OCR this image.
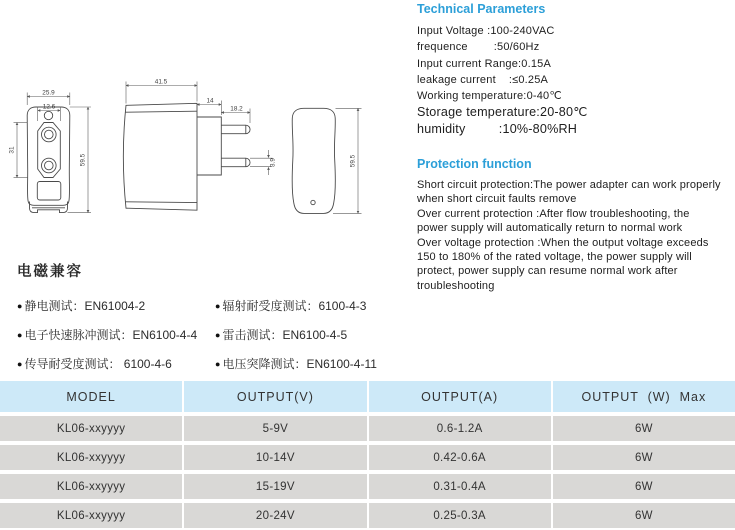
25.9
12.6
31
59.5
41.5
14
18.2
3.9	59.5
Technical Parameters
Input Voltage :100-240VAC
frequence        :50/60Hz
Input current Range:0.15A
leakage current    :≤0.25A
Working temperature:0-40℃
Storage temperature:20-80℃
humidity         :10%-80%RH
Protection function
Short circuit protection:The power adapter can work properly
when short circuit faults remove
Over current protection :After flow troubleshooting, the
power supply will automatically return to normal work
Over voltage protection :When the output voltage exceeds
150 to 180% of the rated voltage, the power supply will
protect, power supply can resume normal work after
troubleshooting
电磁兼容
● 静电测试：EN61004-2	● 辐射耐受度测试：6100-4-3
● 电子快速脉冲测试：EN6100-4-4 ● 雷击测试：EN6100-4-5
● 传导耐受度测试： 6100-4-6	● 电压突降测试：EN6100-4-11
MODEL	OUTPUT(V)	OUTPUT(A)	OUTPUT  (W)  Max
KL06-xxyyyy	5-9V	0.6-1.2A	6W
KL06-xxyyyy	10-14V	0.42-0.6A	6W
KL06-xxyyyy	15-19V	0.31-0.4A	6W
KL06-xxyyyy	20-24V	0.25-0.3A	6W
